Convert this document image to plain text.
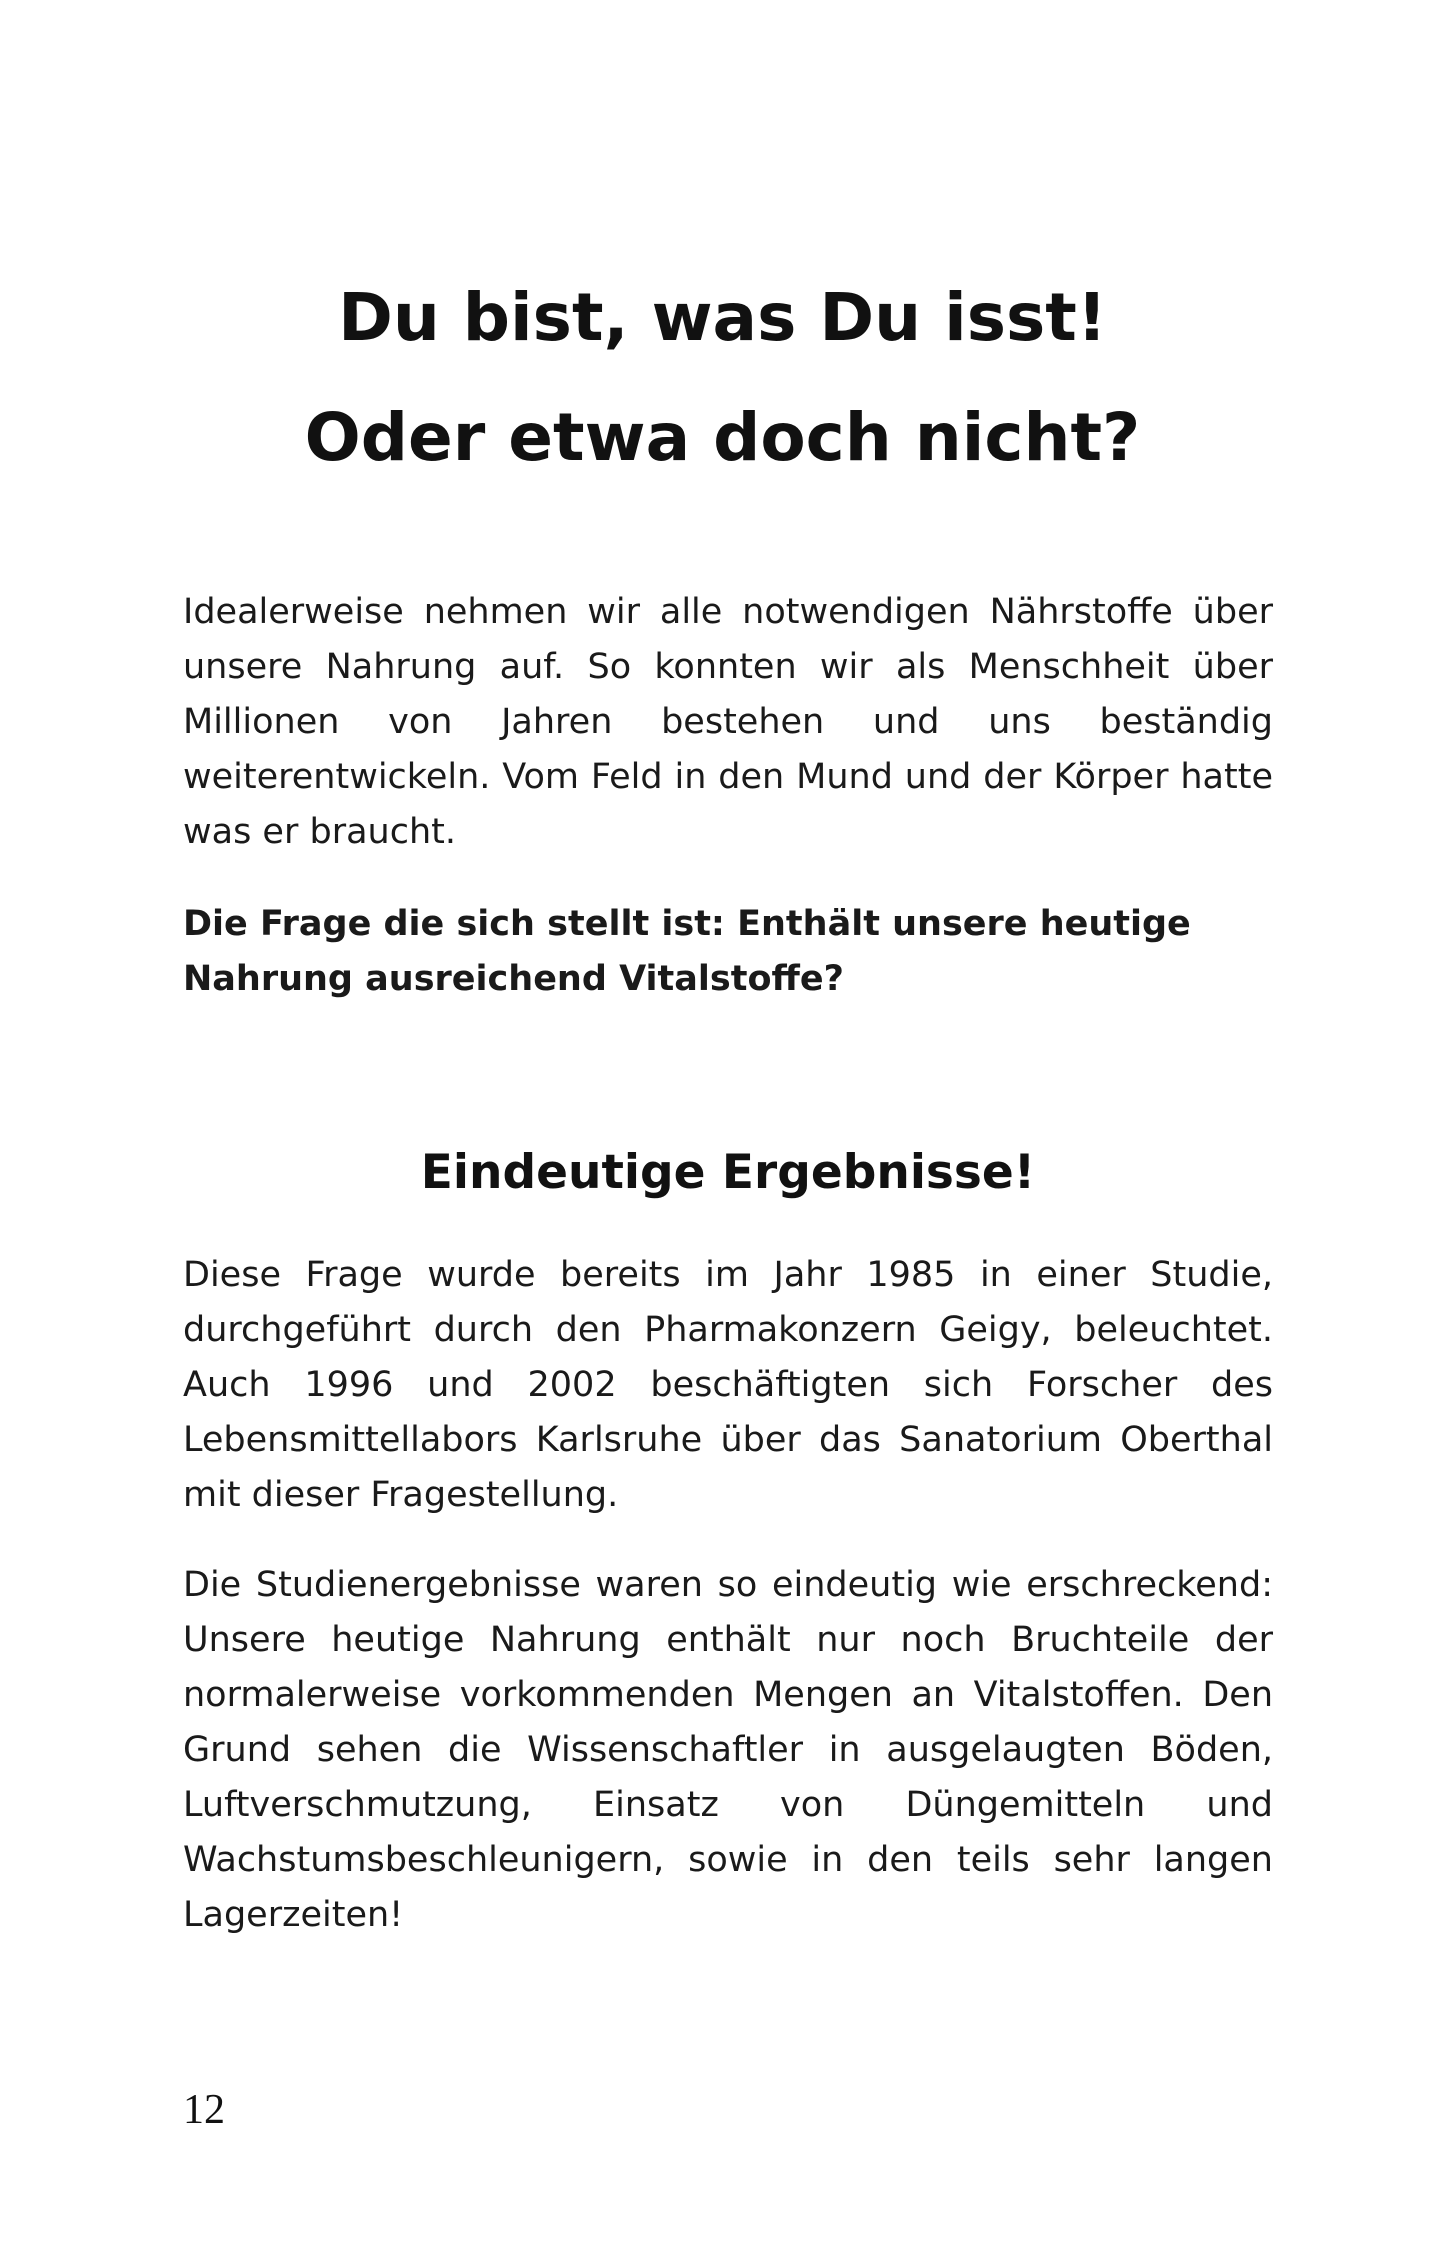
Du bist, was Du isst!
Oder etwa doch nicht?

Idealerweise nehmen wir alle notwendigen Nährstoffe über unsere Nahrung auf. So konnten wir als Menschheit über Millionen von Jahren bestehen und uns beständig weiterentwickeln. Vom Feld in den Mund und der Körper hatte was er braucht.

Die Frage die sich stellt ist: Enthält unsere heutige Nahrung ausreichend Vitalstoffe?

Eindeutige Ergebnisse!

Diese Frage wurde bereits im Jahr 1985 in einer Studie, durchgeführt durch den Pharmakonzern Geigy, beleuchtet. Auch 1996 und 2002 beschäftigten sich Forscher des Lebensmittellabors Karlsruhe über das Sanatorium Oberthal mit dieser Fragestellung.

Die Studienergebnisse waren so eindeutig wie erschreckend: Unsere heutige Nahrung enthält nur noch Bruchteile der normalerweise vorkommenden Mengen an Vitalstoffen. Den Grund sehen die Wissenschaftler in ausgelaugten Böden, Luftverschmutzung, Einsatz von Düngemitteln und Wachstumsbeschleunigern, sowie in den teils sehr langen Lagerzeiten!

12
